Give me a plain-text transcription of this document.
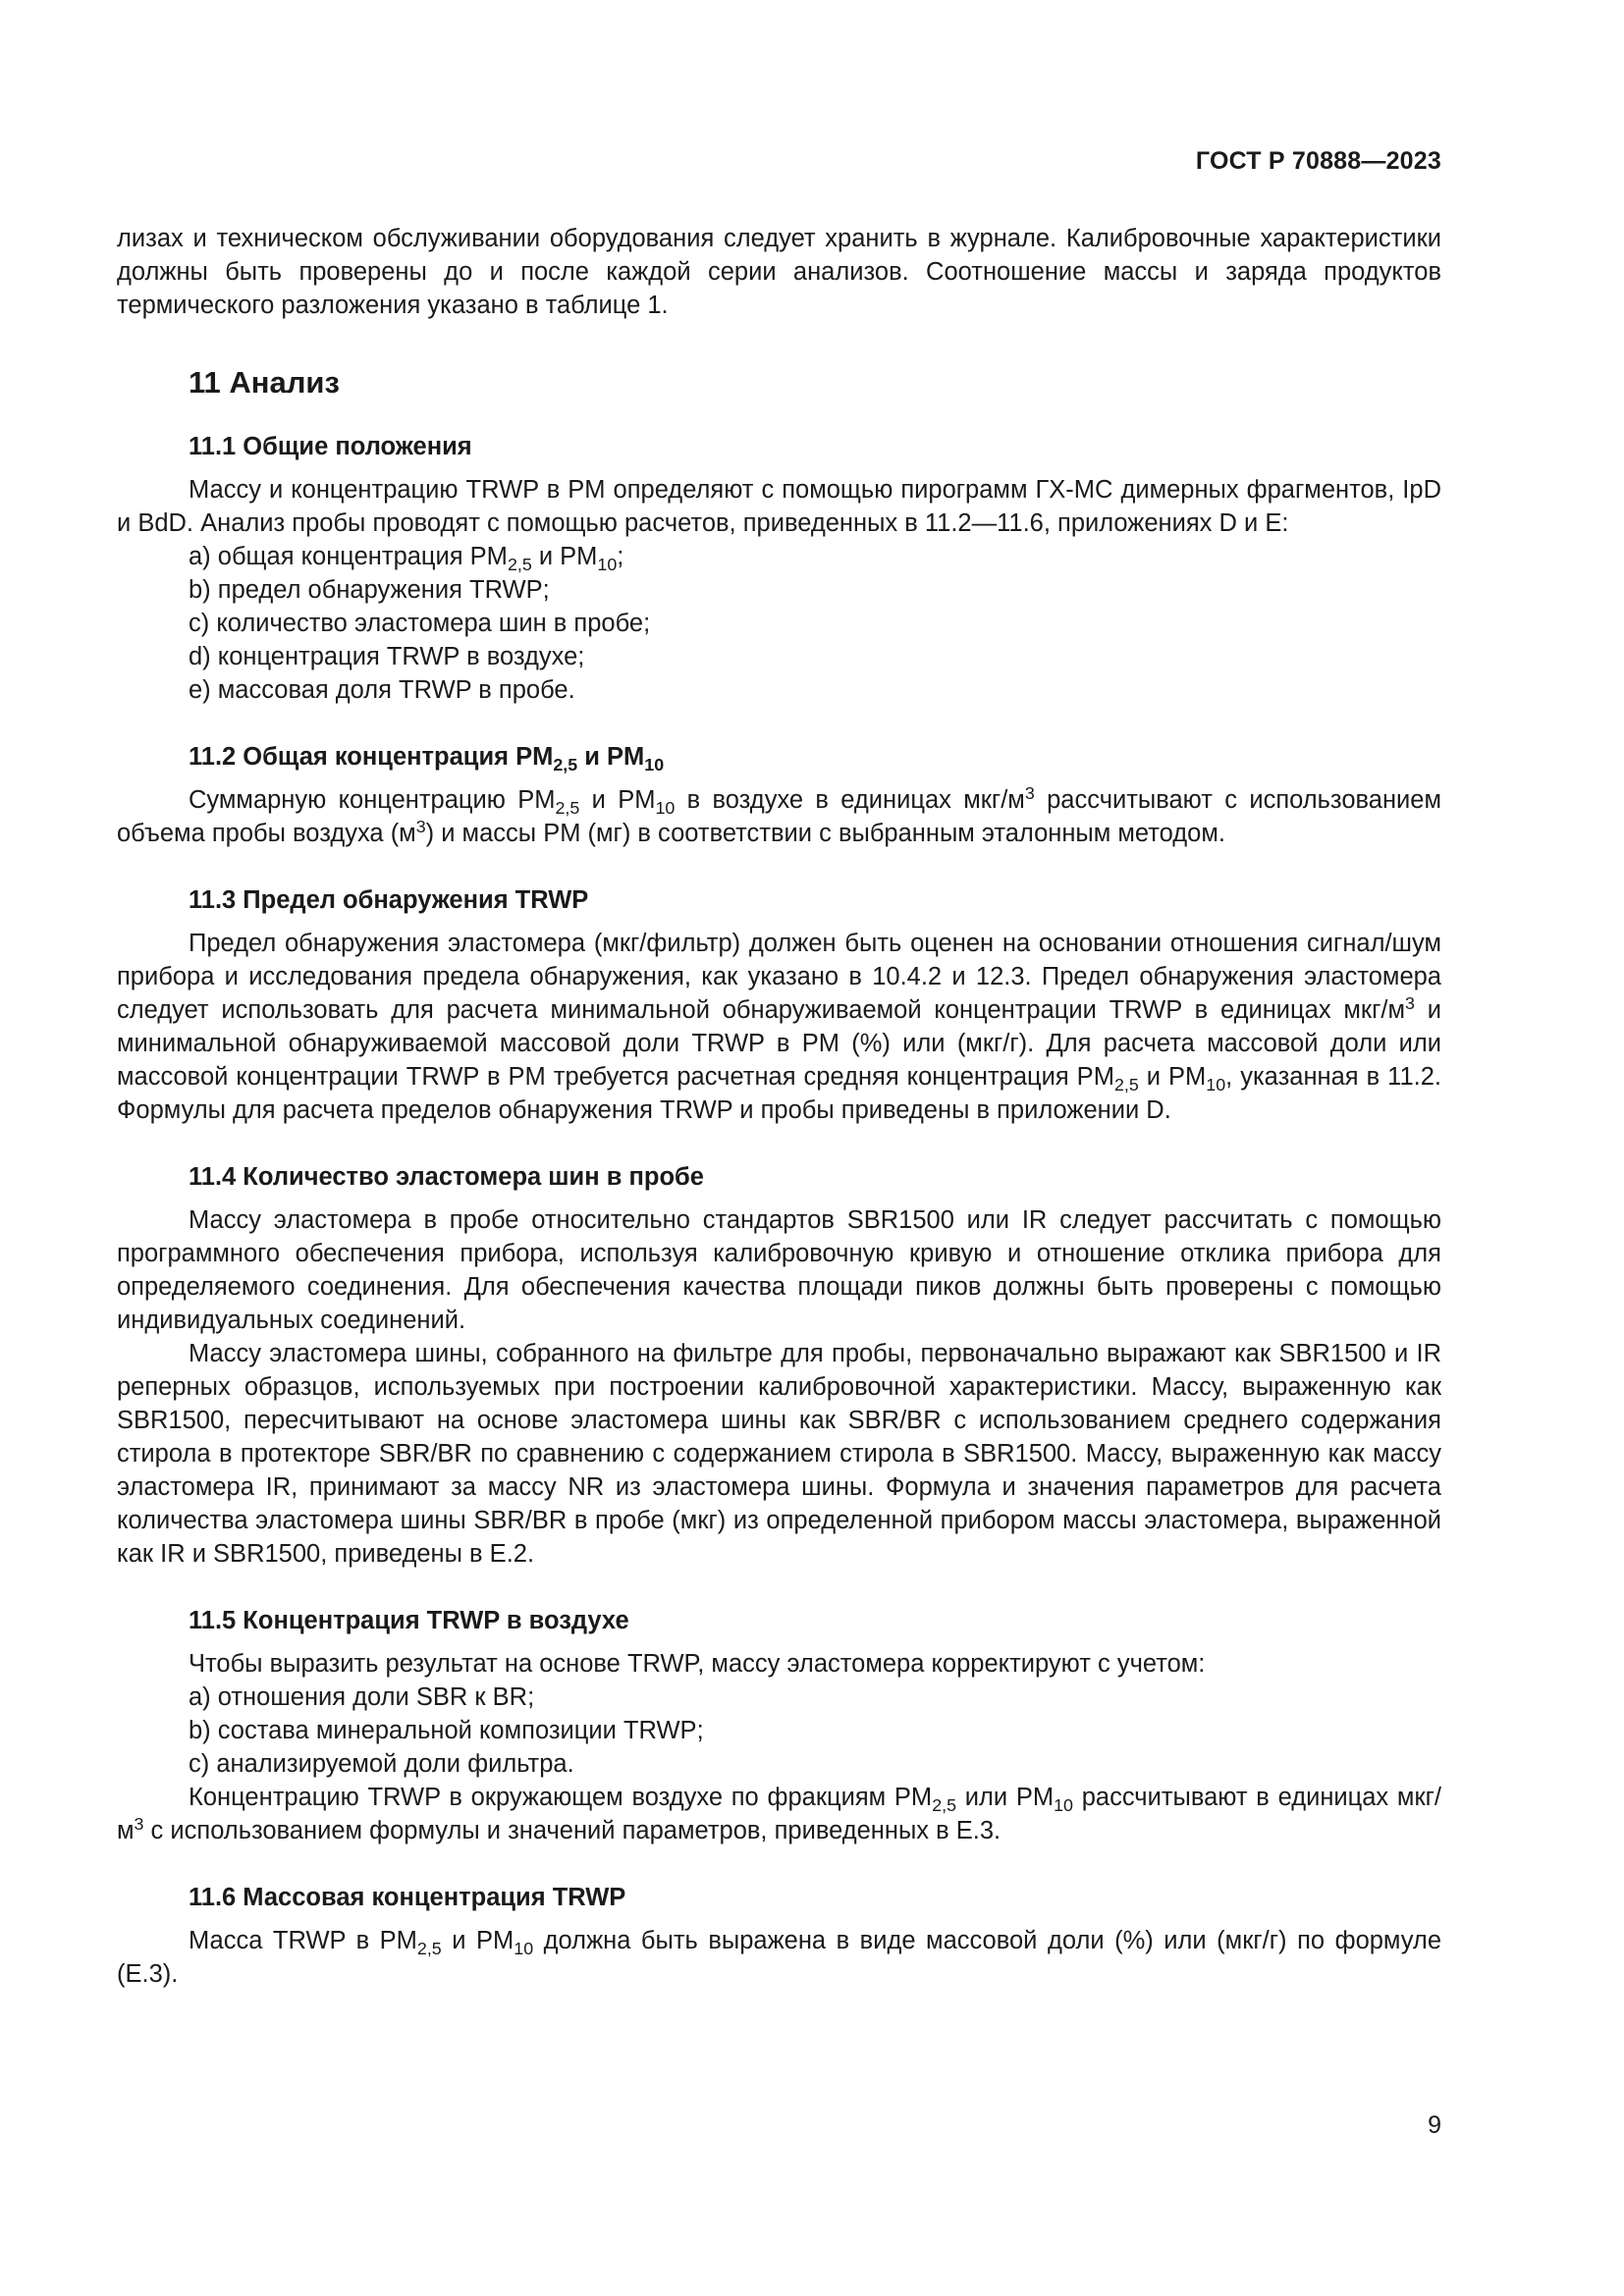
ГОСТ Р 70888—2023

лизах и техническом обслуживании оборудования следует хранить в журнале. Калибровочные характеристики должны быть проверены до и после каждой серии анализов. Соотношение массы и заряда продуктов термического разложения указано в таблице 1.

11 Анализ
11.1 Общие положения

Массу и концентрацию TRWP в PM определяют с помощью пирограмм ГХ-МС димерных фрагментов, IpD и BdD. Анализ пробы проводят с помощью расчетов, приведенных в 11.2—11.6, приложениях D и Е:

a) общая концентрация $PM_{2,5}$ и $PM_{10}$;

b) предел обнаружения TRWP;

c) количество эластомера шин в пробе;

d) концентрация TRWP в воздухе;

e) массовая доля TRWP в пробе.

11.2 Общая концентрация $PM_{2,5}$ и $PM_{10}$

Суммарную концентрацию $PM_{2,5}$ и $PM_{10}$ в воздухе в единицах мкг/$м^3$ рассчитывают с использованием объема пробы воздуха $(м^3)$ и массы PM (мг) в соответствии с выбранным эталонным методом.

11.3 Предел обнаружения TRWP

Предел обнаружения эластомера (мкг/фильтр) должен быть оценен на основании отношения сигнал/шум прибора и исследования предела обнаружения, как указано в 10.4.2 и 12.3. Предел обнаружения эластомера следует использовать для расчета минимальной обнаруживаемой концентрации TRWP в единицах мкг/$м^3$ и минимальной обнаруживаемой массовой доли TRWP в PM (%) или (мкг/г). Для расчета массовой доли или массовой концентрации TRWP в PM требуется расчетная средняя концентрация $PM_{2,5}$ и $PM_{10}$, указанная в 11.2. Формулы для расчета пределов обнаружения TRWP и пробы приведены в приложении D.

11.4 Количество эластомера шин в пробе

Массу эластомера в пробе относительно стандартов SBR1500 или IR следует рассчитать с помощью программного обеспечения прибора, используя калибровочную кривую и отношение отклика прибора для определяемого соединения. Для обеспечения качества площади пиков должны быть проверены с помощью индивидуальных соединений.

Массу эластомера шины, собранного на фильтре для пробы, первоначально выражают как SBR1500 и IR реперных образцов, используемых при построении калибровочной характеристики. Массу, выраженную как SBR1500, пересчитывают на основе эластомера шины как SBR/BR с использованием среднего содержания стирола в протекторе SBR/BR по сравнению с содержанием стирола в SBR1500. Массу, выраженную как массу эластомера IR, принимают за массу NR из эластомера шины. Формула и значения параметров для расчета количества эластомера шины SBR/BR в пробе (мкг) из определенной прибором массы эластомера, выраженной как IR и SBR1500, приведены в Е.2.

11.5 Концентрация TRWP в воздухе

Чтобы выразить результат на основе TRWP, массу эластомера корректируют с учетом:

a) отношения доли SBR к BR;

b) состава минеральной композиции TRWP;

c) анализируемой доли фильтра.

Концентрацию TRWP в окружающем воздухе по фракциям $PM_{2,5}$ или $PM_{10}$ рассчитывают в единицах мкг/$м^3$ с использованием формулы и значений параметров, приведенных в Е.3.

11.6 Массовая концентрация TRWP

Масса TRWP в $PM_{2,5}$ и $PM_{10}$ должна быть выражена в виде массовой доли (%) или (мкг/г) по формуле (Е.3).

9
